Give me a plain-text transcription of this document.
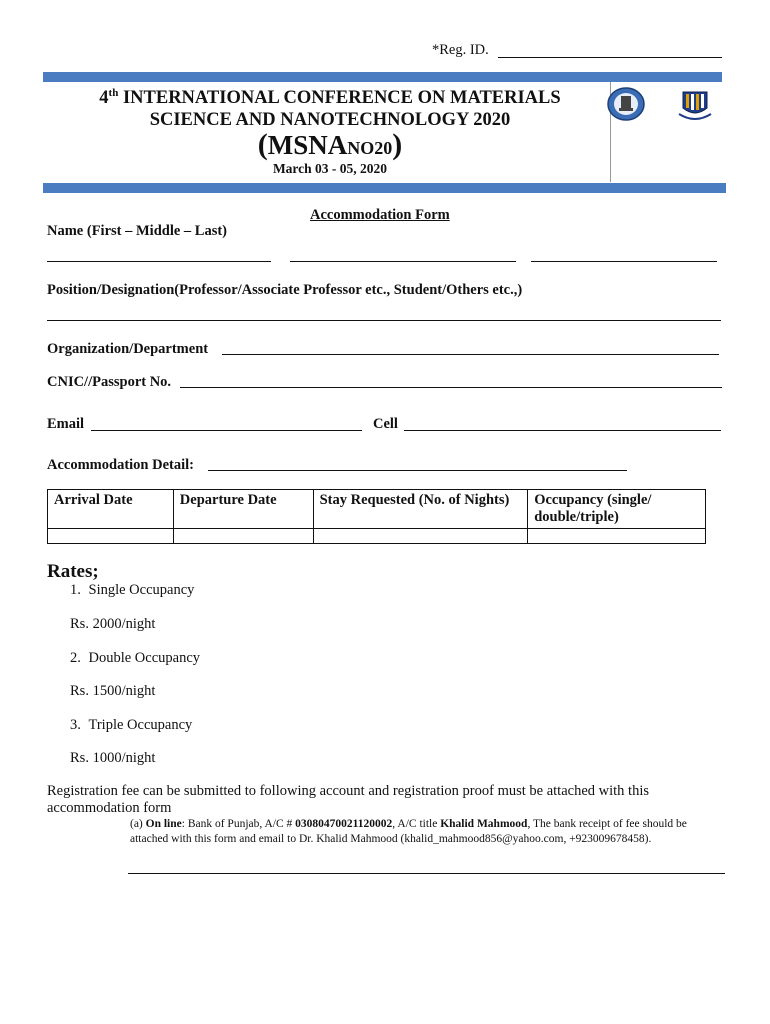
*Reg. ID.
4th INTERNATIONAL CONFERENCE ON MATERIALS
SCIENCE AND NANOTECHNOLOGY 2020
(MSNANO20)
March 03 - 05, 2020
Accommodation Form
Name (First – Middle – Last)
Position/Designation(Professor/Associate Professor etc., Student/Others etc.,)
Organization/Department
CNIC//Passport No.
Email	Cell
Accommodation Detail:
Arrival Date	Departure Date	Stay Requested (No. of Nights)	Occupancy (single/ double/triple)

Rates;
1. Single Occupancy
Rs. 2000/night
2. Double Occupancy
Rs. 1500/night
3. Triple Occupancy
Rs. 1000/night
Registration fee can be submitted to following account and registration proof must be attached with this accommodation form
(a) On line: Bank of Punjab, A/C # 03080470021120002, A/C title Khalid Mahmood, The bank receipt of fee should be attached with this form and email to Dr. Khalid Mahmood (khalid_mahmood856@yahoo.com, +923009678458).
